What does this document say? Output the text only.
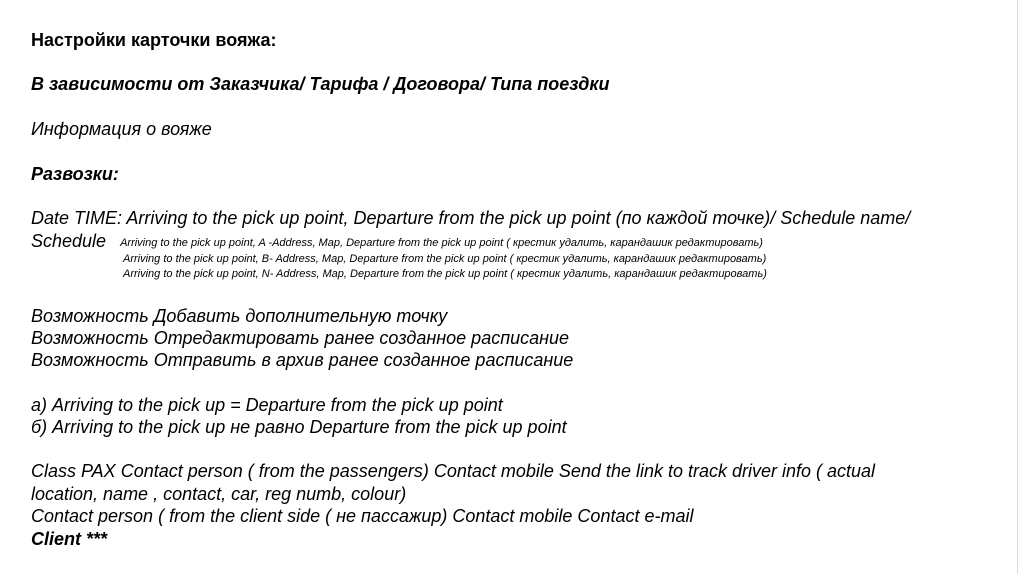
Настройки карточки вояжа:
В зависимости от Заказчика/ Тарифа / Договора/ Типа поездки
Информация о вояже
Развозки:
Date TIME: Arriving to the pick up point, Departure from the pick up point (по каждой точке)/ Schedule name/
Schedule Arriving to the pick up point, A -Address, Map, Departure from the pick up point ( крестик удалить, карандашик редактировать)
Arriving to the pick up point, B- Address, Map, Departure from the pick up point ( крестик удалить, карандашик редактировать)
Arriving to the pick up point, N- Address, Map, Departure from the pick up point ( крестик удалить, карандашик редактировать)
Возможность Добавить дополнительную точку
Возможность Отредактировать ранее созданное расписание
Возможность Отправить в архив ранее созданное расписание
а) Arriving to the pick up = Departure from the pick up point
б) Arriving to the pick up не равно Departure from the pick up point
Class PAX Contact person ( from the passengers) Contact mobile Send the link to track driver info ( actual
location, name , contact, car, reg numb, colour)
Contact person ( from the client side ( не пассажир) Contact mobile Contact e-mail
Client ***
